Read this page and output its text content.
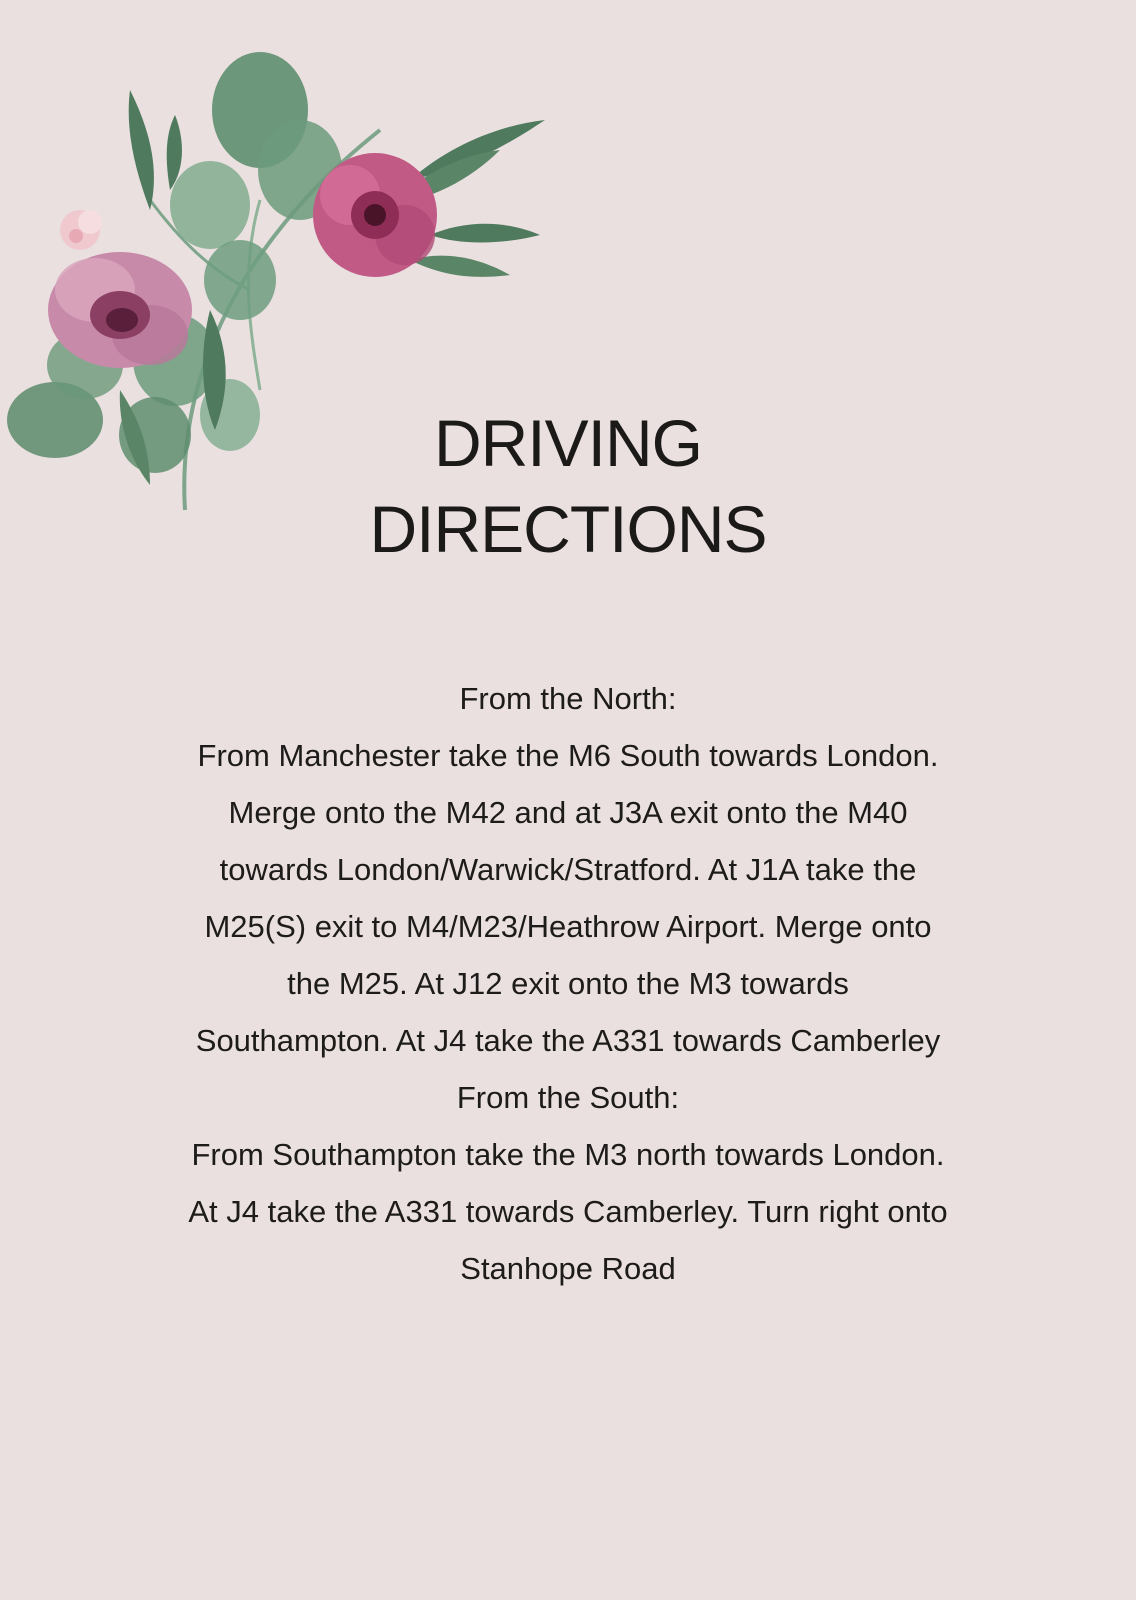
DRIVING
DIRECTIONS

From the North:

From Manchester take the M6 South towards London. Merge onto the M42 and at J3A exit onto the M40 towards London/Warwick/Stratford. At J1A take the M25(S) exit to M4/M23/Heathrow Airport. Merge onto the M25. At J12 exit onto the M3 towards Southampton. At J4 take the A331 towards Camberley

From the South:

From Southampton take the M3 north towards London. At J4 take the A331 towards Camberley. Turn right onto Stanhope Road
